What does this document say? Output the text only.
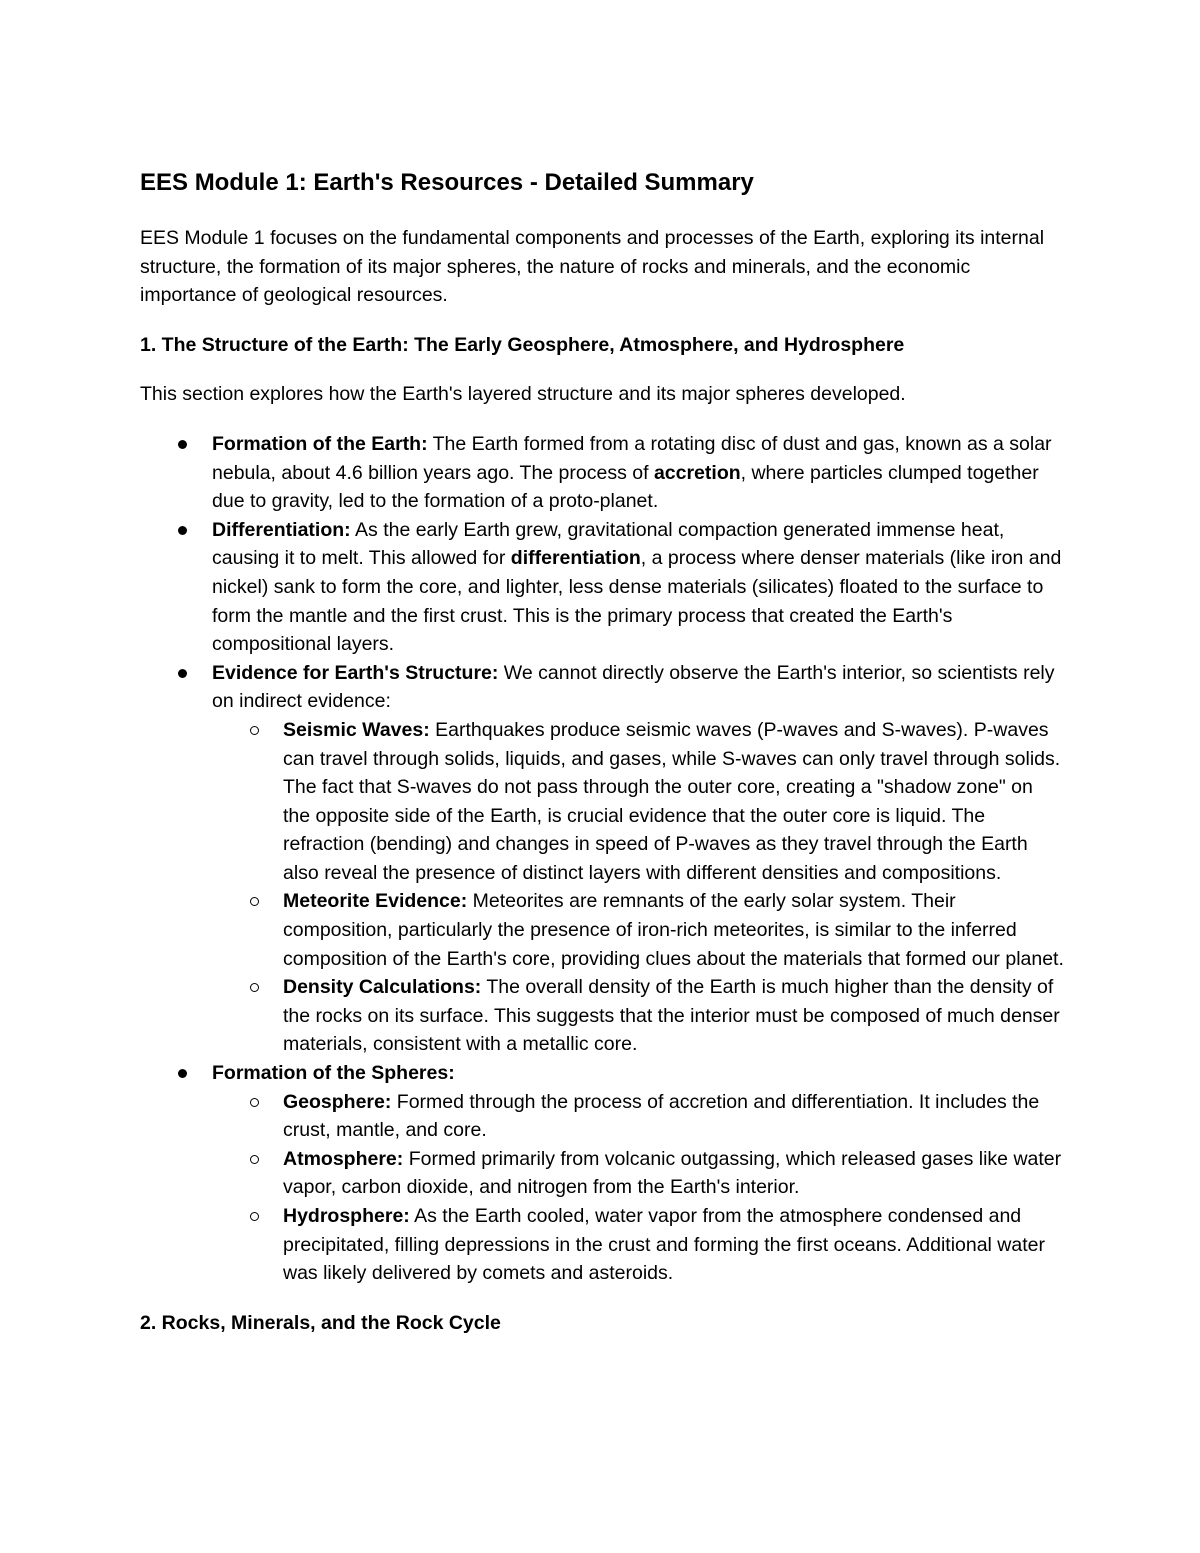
EES Module 1: Earth's Resources - Detailed Summary

EES Module 1 focuses on the fundamental components and processes of the Earth, exploring its internal structure, the formation of its major spheres, the nature of rocks and minerals, and the economic importance of geological resources.

1. The Structure of the Earth: The Early Geosphere, Atmosphere, and Hydrosphere

This section explores how the Earth's layered structure and its major spheres developed.

Formation of the Earth: The Earth formed from a rotating disc of dust and gas, known as a solar nebula, about 4.6 billion years ago. The process of accretion, where particles clumped together due to gravity, led to the formation of a proto-planet.
Differentiation: As the early Earth grew, gravitational compaction generated immense heat, causing it to melt. This allowed for differentiation, a process where denser materials (like iron and nickel) sank to form the core, and lighter, less dense materials (silicates) floated to the surface to form the mantle and the first crust. This is the primary process that created the Earth's compositional layers.
Evidence for Earth's Structure: We cannot directly observe the Earth's interior, so scientists rely on indirect evidence:
Seismic Waves: Earthquakes produce seismic waves (P-waves and S-waves). P-waves can travel through solids, liquids, and gases, while S-waves can only travel through solids. The fact that S-waves do not pass through the outer core, creating a "shadow zone" on the opposite side of the Earth, is crucial evidence that the outer core is liquid. The refraction (bending) and changes in speed of P-waves as they travel through the Earth also reveal the presence of distinct layers with different densities and compositions.
Meteorite Evidence: Meteorites are remnants of the early solar system. Their composition, particularly the presence of iron-rich meteorites, is similar to the inferred composition of the Earth's core, providing clues about the materials that formed our planet.
Density Calculations: The overall density of the Earth is much higher than the density of the rocks on its surface. This suggests that the interior must be composed of much denser materials, consistent with a metallic core.
Formation of the Spheres:
Geosphere: Formed through the process of accretion and differentiation. It includes the crust, mantle, and core.
Atmosphere: Formed primarily from volcanic outgassing, which released gases like water vapor, carbon dioxide, and nitrogen from the Earth's interior.
Hydrosphere: As the Earth cooled, water vapor from the atmosphere condensed and precipitated, filling depressions in the crust and forming the first oceans. Additional water was likely delivered by comets and asteroids.
2. Rocks, Minerals, and the Rock Cycle
